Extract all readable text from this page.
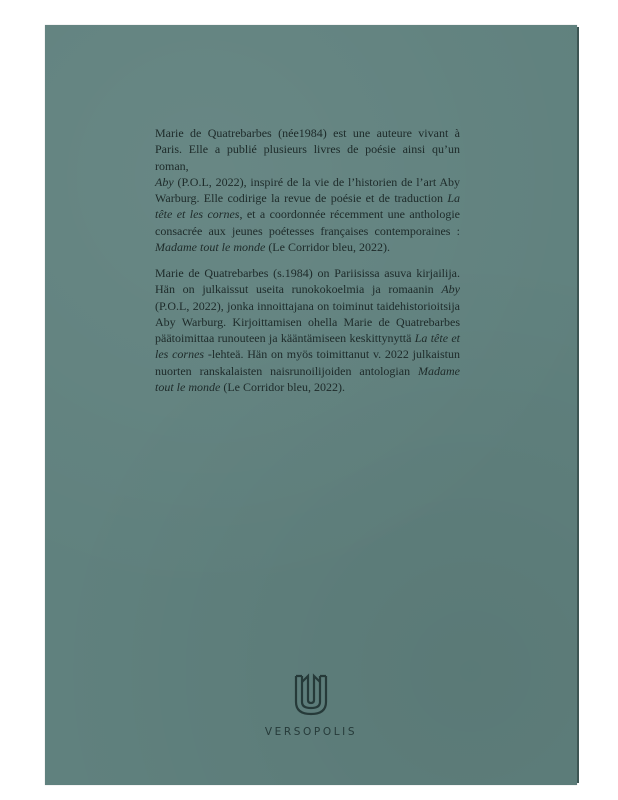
Marie de Quatrebarbes (née1984) est une auteure vivant à
Paris. Elle a publié plusieurs livres de poésie ainsi qu’un roman,
Aby (P.O.L, 2022), inspiré de la vie de l’historien de l’art Aby
Warburg. Elle codirige la revue de poésie et de traduction La
tête et les cornes, et a coordonnée récemment une anthologie
consacrée aux jeunes poétesses françaises contemporaines :
Madame tout le monde (Le Corridor bleu, 2022).
Marie de Quatrebarbes (s.1984) on Pariisissa asuva kirjailija.
Hän on julkaissut useita runokokoelmia ja romaanin Aby
(P.O.L, 2022), jonka innoittajana on toiminut taidehistorioitsija
Aby Warburg. Kirjoittamisen ohella Marie de Quatrebarbes
päätoimittaa runouteen ja kääntämiseen keskittynyttä La tête et
les cornes -lehteä. Hän on myös toimittanut v. 2022 julkaistun
nuorten ranskalaisten naisrunoilijoiden antologian Madame
tout le monde (Le Corridor bleu, 2022).
VERSOPOLIS
